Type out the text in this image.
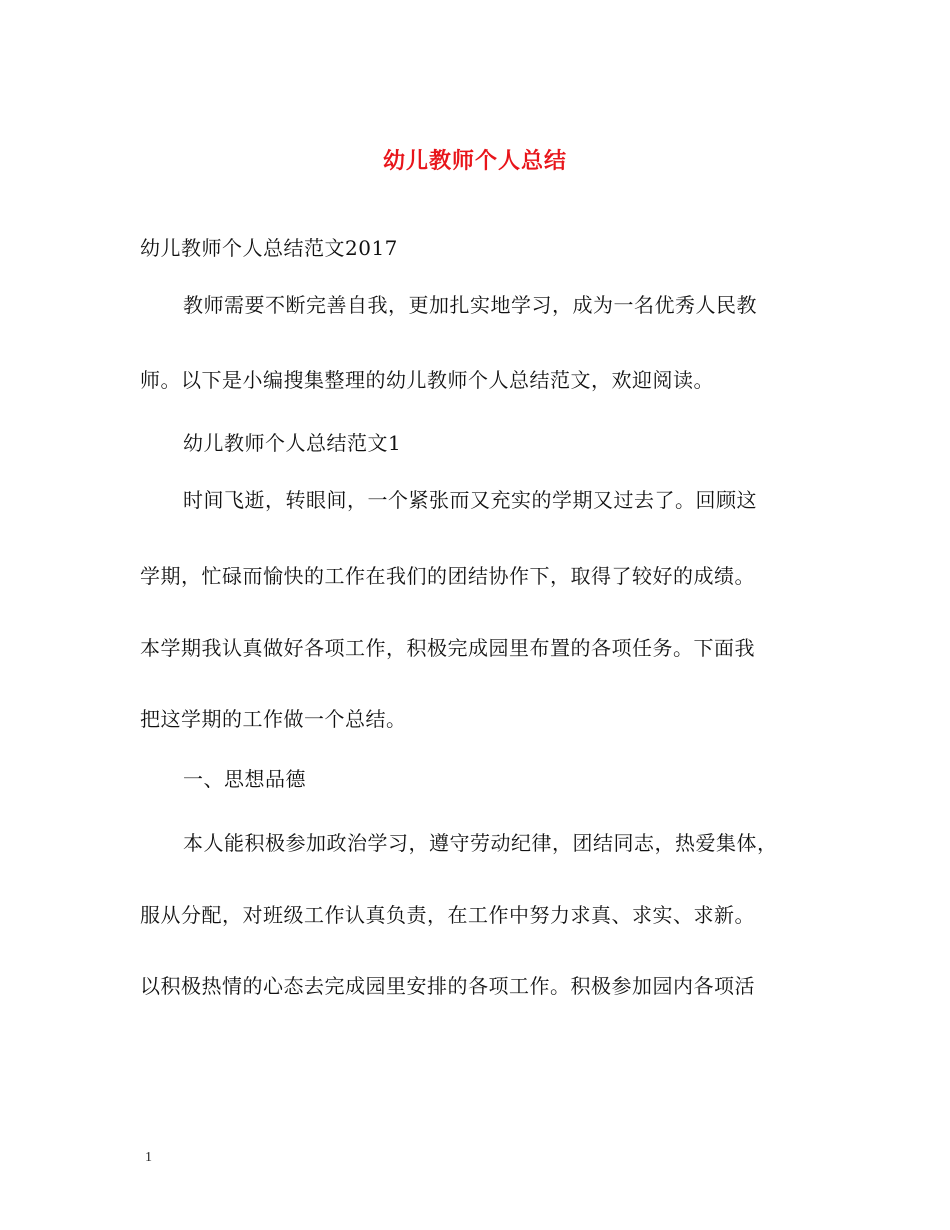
幼儿教师个人总结
幼儿教师个人总结范文2017
教师需要不断完善自我，更加扎实地学习，成为一名优秀人民教
师。以下是小编搜集整理的幼儿教师个人总结范文，欢迎阅读。
幼儿教师个人总结范文1
时间飞逝，转眼间，一个紧张而又充实的学期又过去了。回顾这
学期，忙碌而愉快的工作在我们的团结协作下，取得了较好的成绩。
本学期我认真做好各项工作，积极完成园里布置的各项任务。下面我
把这学期的工作做一个总结。
一、思想品德
本人能积极参加政治学习，遵守劳动纪律，团结同志，热爱集体，
服从分配，对班级工作认真负责，在工作中努力求真、求实、求新。
以积极热情的心态去完成园里安排的各项工作。积极参加园内各项活
1
